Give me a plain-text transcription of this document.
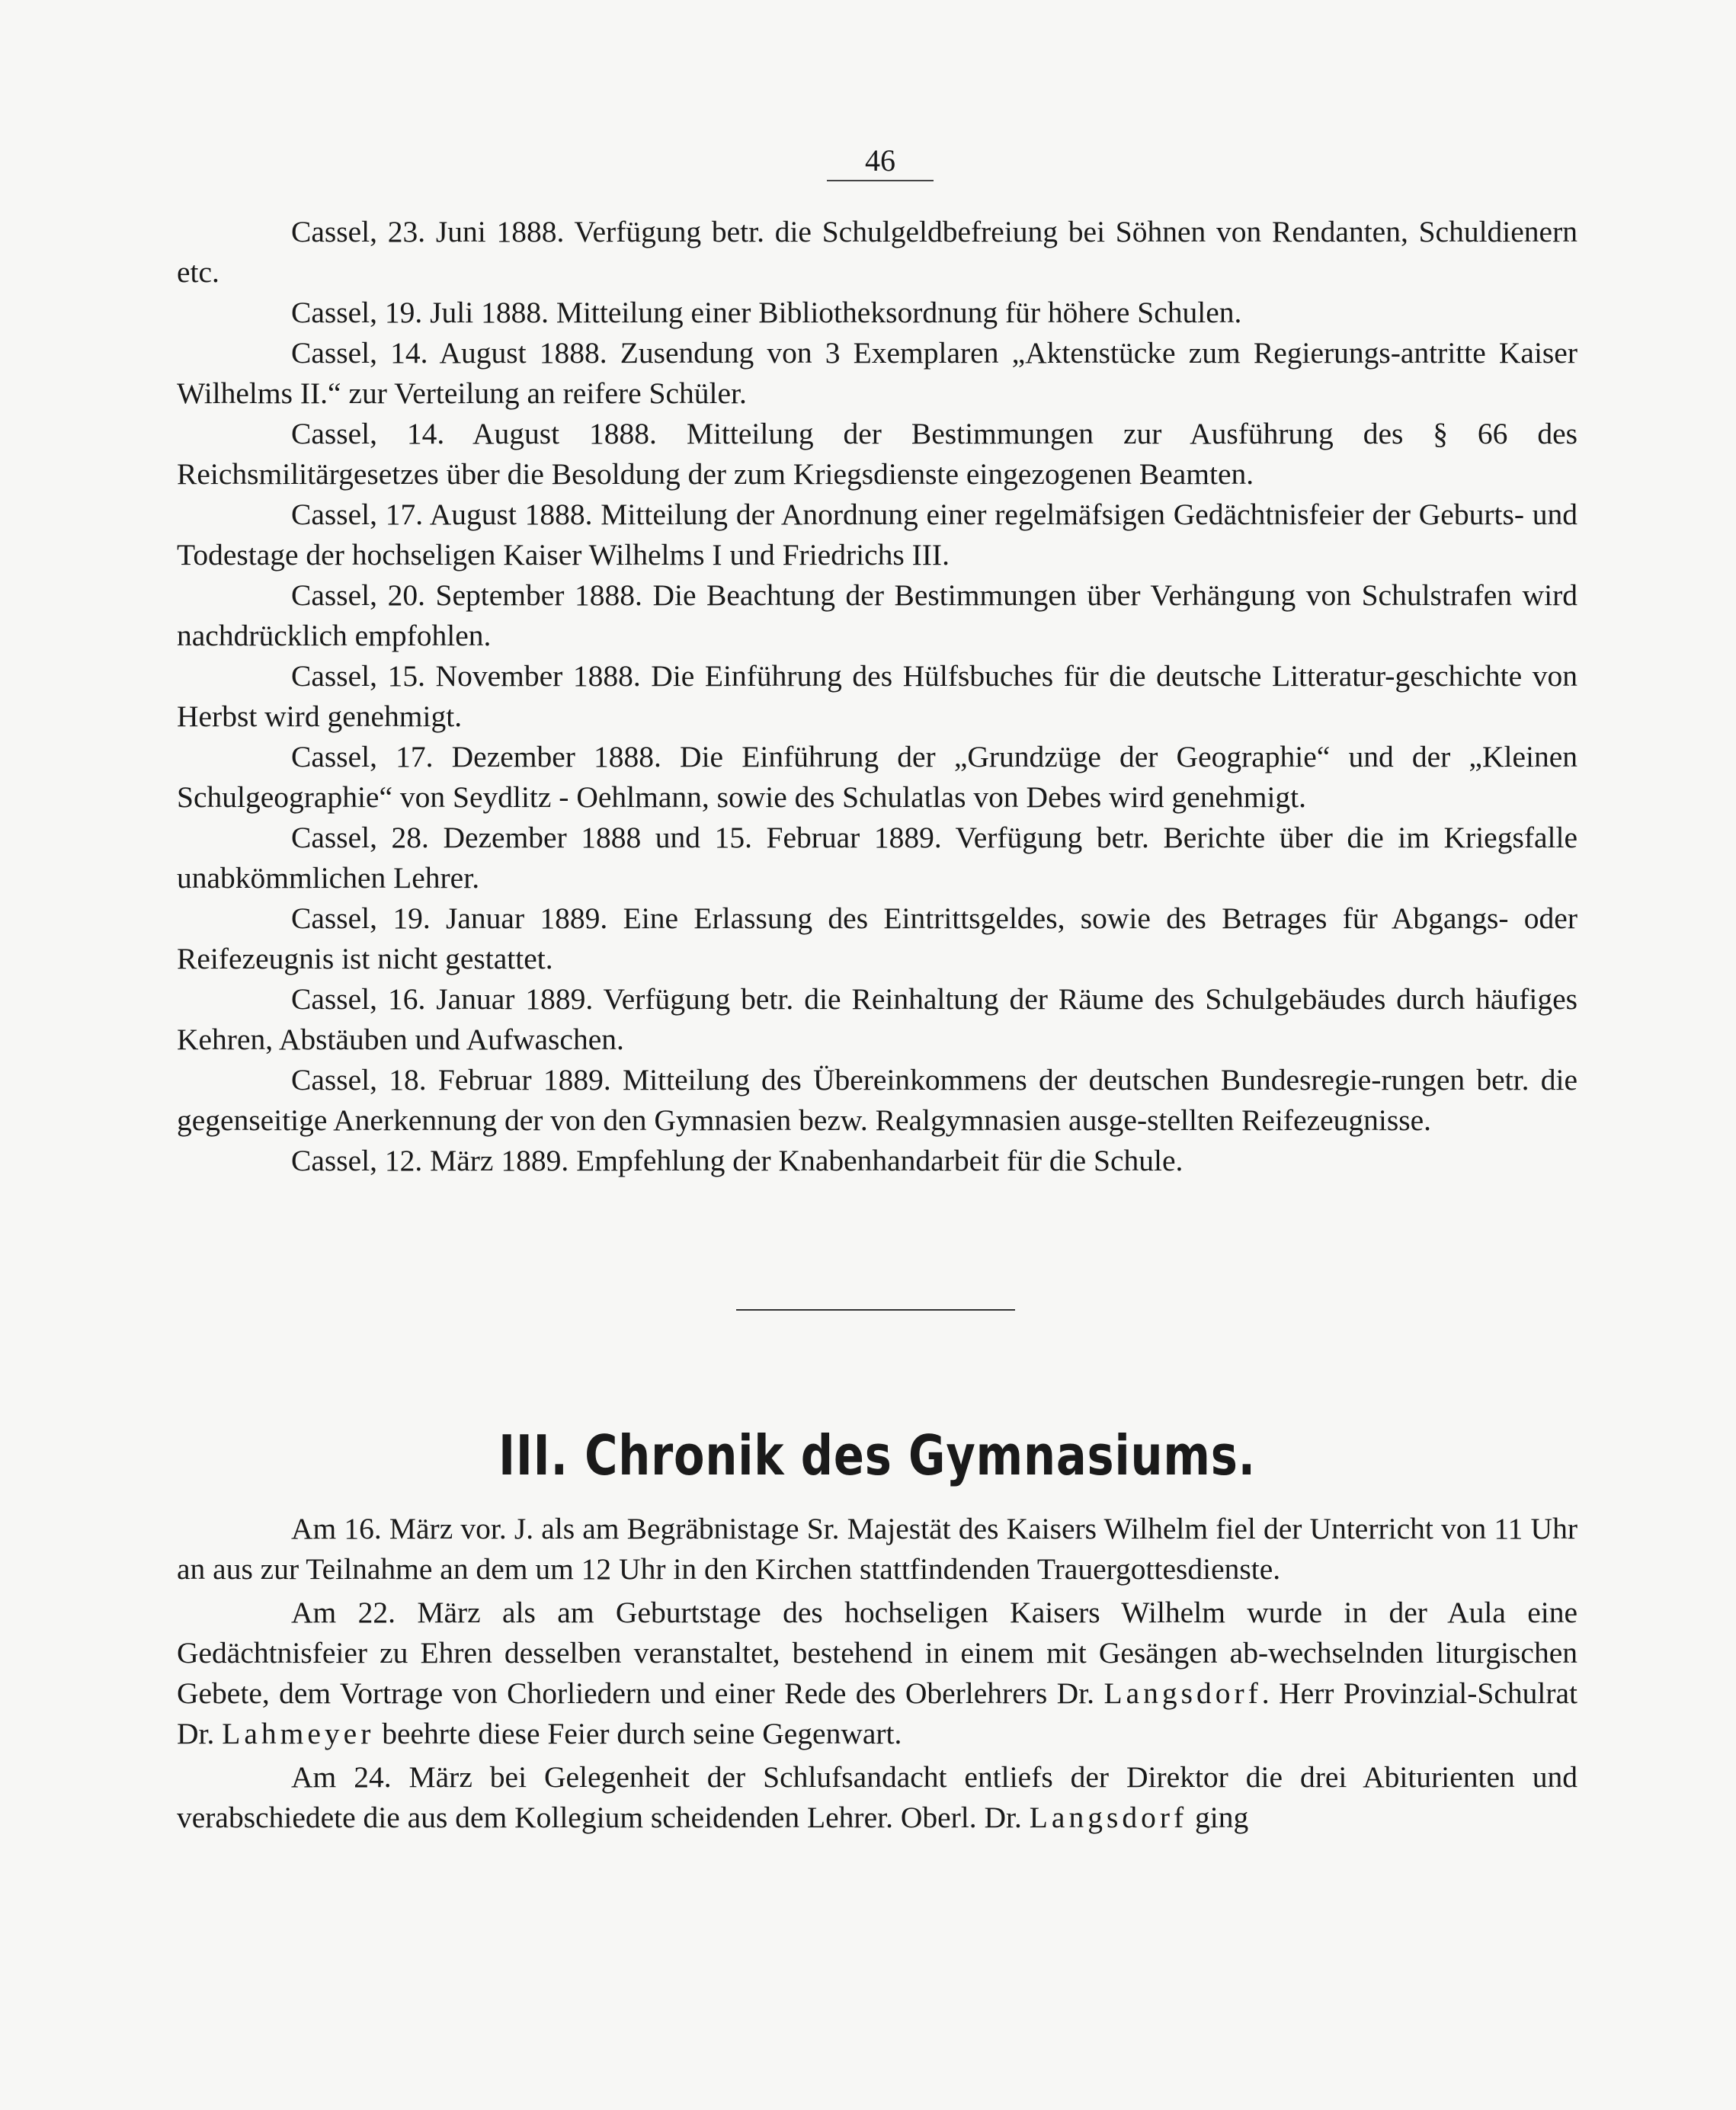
46

Cassel, 23. Juni 1888. Verfügung betr. die Schulgeldbefreiung bei Söhnen von Rendanten, Schuldienern etc.

Cassel, 19. Juli 1888. Mitteilung einer Bibliotheksordnung für höhere Schulen.

Cassel, 14. August 1888. Zusendung von 3 Exemplaren „Aktenstücke zum Regierungs-antritte Kaiser Wilhelms II.“ zur Verteilung an reifere Schüler.

Cassel, 14. August 1888. Mitteilung der Bestimmungen zur Ausführung des § 66 des Reichsmilitärgesetzes über die Besoldung der zum Kriegsdienste eingezogenen Beamten.

Cassel, 17. August 1888. Mitteilung der Anordnung einer regelmäfsigen Gedächtnisfeier der Geburts- und Todestage der hochseligen Kaiser Wilhelms I und Friedrichs III.

Cassel, 20. September 1888. Die Beachtung der Bestimmungen über Verhängung von Schulstrafen wird nachdrücklich empfohlen.

Cassel, 15. November 1888. Die Einführung des Hülfsbuches für die deutsche Litteratur-geschichte von Herbst wird genehmigt.

Cassel, 17. Dezember 1888. Die Einführung der „Grundzüge der Geographie“ und der „Kleinen Schulgeographie“ von Seydlitz - Oehlmann, sowie des Schulatlas von Debes wird genehmigt.

Cassel, 28. Dezember 1888 und 15. Februar 1889. Verfügung betr. Berichte über die im Kriegsfalle unabkömmlichen Lehrer.

Cassel, 19. Januar 1889. Eine Erlassung des Eintrittsgeldes, sowie des Betrages für Abgangs- oder Reifezeugnis ist nicht gestattet.

Cassel, 16. Januar 1889. Verfügung betr. die Reinhaltung der Räume des Schulgebäudes durch häufiges Kehren, Abstäuben und Aufwaschen.

Cassel, 18. Februar 1889. Mitteilung des Übereinkommens der deutschen Bundesregie-rungen betr. die gegenseitige Anerkennung der von den Gymnasien bezw. Realgymnasien ausge-stellten Reifezeugnisse.

Cassel, 12. März 1889. Empfehlung der Knabenhandarbeit für die Schule.

III. Chronik des Gymnasiums.

Am 16. März vor. J. als am Begräbnistage Sr. Majestät des Kaisers Wilhelm fiel der Unterricht von 11 Uhr an aus zur Teilnahme an dem um 12 Uhr in den Kirchen stattfindenden Trauergottesdienste.

Am 22. März als am Geburtstage des hochseligen Kaisers Wilhelm wurde in der Aula eine Gedächtnisfeier zu Ehren desselben veranstaltet, bestehend in einem mit Gesängen ab-wechselnden liturgischen Gebete, dem Vortrage von Chorliedern und einer Rede des Oberlehrers Dr. Langsdorf. Herr Provinzial-Schulrat Dr. Lahmeyer beehrte diese Feier durch seine Gegenwart.

Am 24. März bei Gelegenheit der Schlufsandacht entliefs der Direktor die drei Abiturienten und verabschiedete die aus dem Kollegium scheidenden Lehrer. Oberl. Dr. Langsdorf ging
